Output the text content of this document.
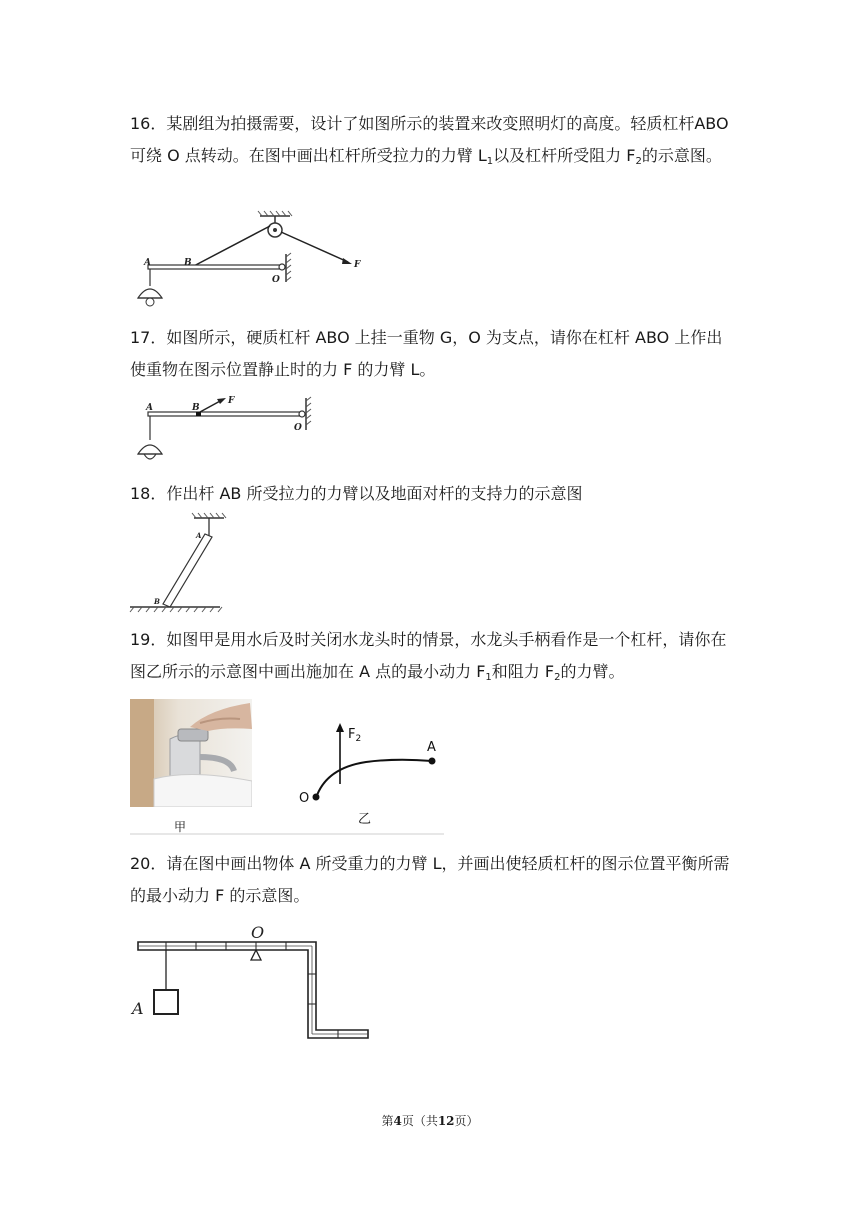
16．某剧组为拍摄需要，设计了如图所示的装置来改变照明灯的高度。轻质杠杆ABO可绕 O 点转动。在图中画出杠杆所受拉力的力臂 $L_1$以及杠杆所受阻力 $F_2$的示意图。

A	B
O
F

17．如图所示，硬质杠杆 ABO 上挂一重物 G，O 为支点，请你在杠杆 ABO 上作出使重物在图示位置静止时的力 F 的力臂 L。

A	B
F
O

18．作出杆 AB 所受拉力的力臂以及地面对杆的支持力的示意图

A
B

19．如图甲是用水后及时关闭水龙头时的情景，水龙头手柄看作是一个杠杆，请你在图乙所示的示意图中画出施加在 A 点的最小动力 $F_1$和阻力 $F_2$的力臂。

甲
$F_2$
A
O
乙

20．请在图中画出物体 A 所受重力的力臂 L，并画出使轻质杠杆的图示位置平衡所需的最小动力 F 的示意图。

O
A
第4页（共12页）
